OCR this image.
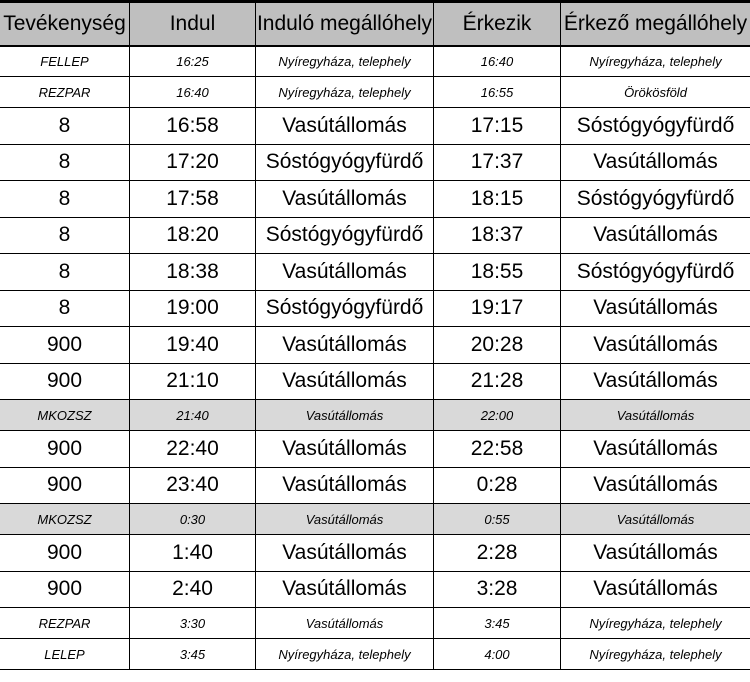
Tevékenység	Indul	Induló megállóhely	Érkezik	Érkező megállóhely
FELLEP	16:25	Nyíregyháza, telephely	16:40	Nyíregyháza, telephely
REZPAR	16:40	Nyíregyháza, telephely	16:55	Örökösföld
8	16:58	Vasútállomás	17:15	Sóstógyógyfürdő
8	17:20	Sóstógyógyfürdő	17:37	Vasútállomás
8	17:58	Vasútállomás	18:15	Sóstógyógyfürdő
8	18:20	Sóstógyógyfürdő	18:37	Vasútállomás
8	18:38	Vasútállomás	18:55	Sóstógyógyfürdő
8	19:00	Sóstógyógyfürdő	19:17	Vasútállomás
900	19:40	Vasútállomás	20:28	Vasútállomás
900	21:10	Vasútállomás	21:28	Vasútállomás
MKOZSZ	21:40	Vasútállomás	22:00	Vasútállomás
900	22:40	Vasútállomás	22:58	Vasútállomás
900	23:40	Vasútállomás	0:28	Vasútállomás
MKOZSZ	0:30	Vasútállomás	0:55	Vasútállomás
900	1:40	Vasútállomás	2:28	Vasútállomás
900	2:40	Vasútállomás	3:28	Vasútállomás
REZPAR	3:30	Vasútállomás	3:45	Nyíregyháza, telephely
LELEP	3:45	Nyíregyháza, telephely	4:00	Nyíregyháza, telephely
